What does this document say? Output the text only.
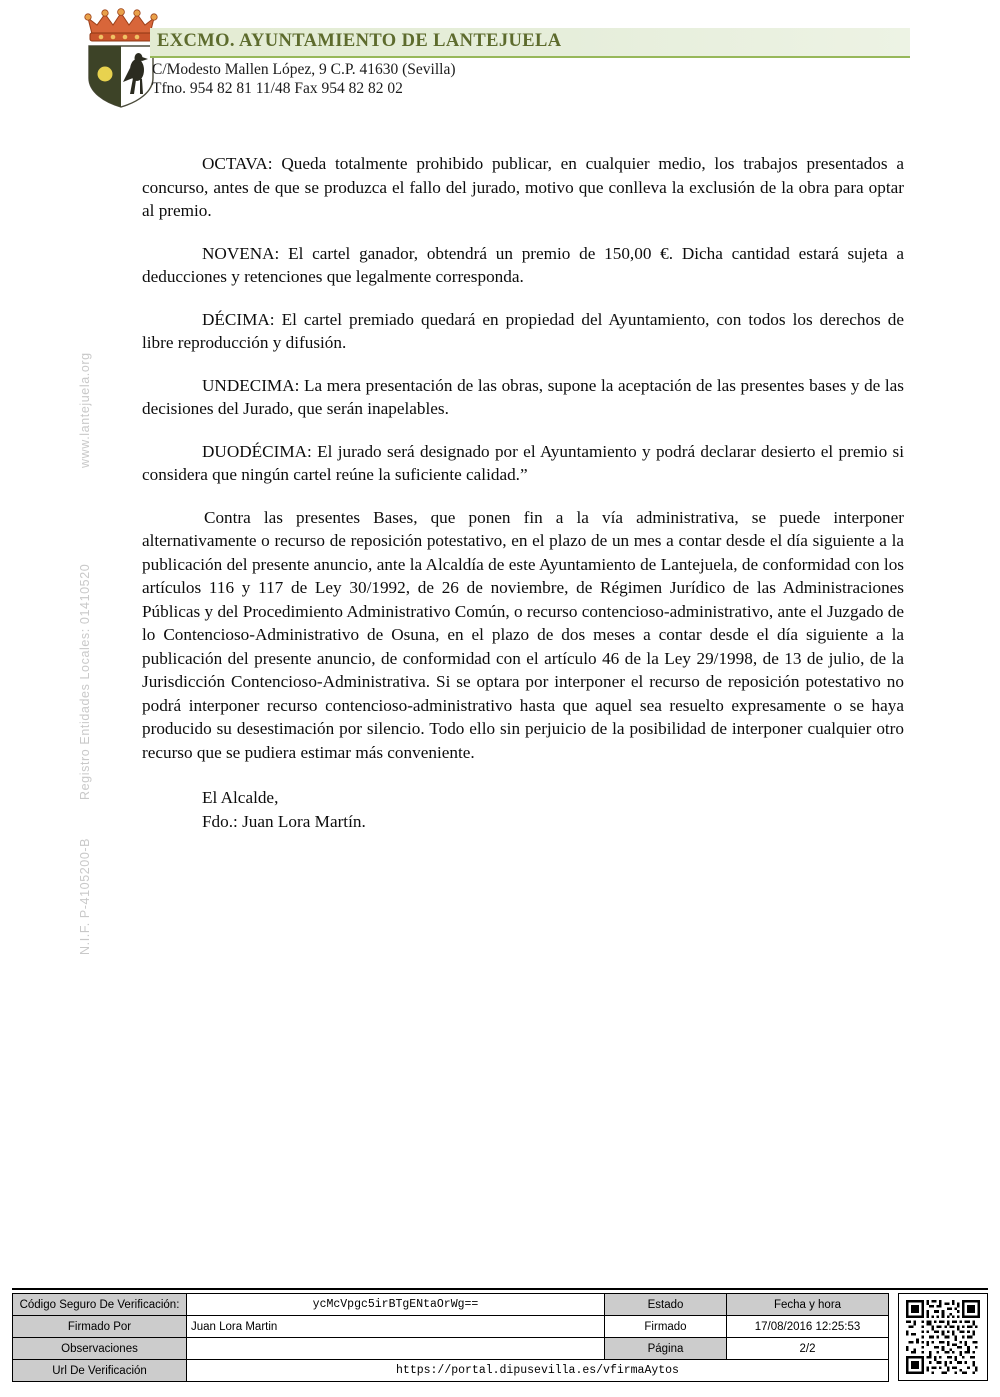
EXCMO. AYUNTAMIENTO DE LANTEJUELA
C/Modesto Mallen López, 9 C.P. 41630 (Sevilla)
Tfno. 954 82 81 11/48 Fax 954 82 82 02
www.lantejuela.org
Registro Entidades Locales: 01410520
N.I.F. P-4105200-B

OCTAVA: Queda totalmente prohibido publicar, en cualquier medio, los trabajos presentados a concurso, antes de que se produzca el fallo del jurado, motivo que conlleva la exclusión de la obra para optar al premio.

NOVENA: El cartel ganador, obtendrá un premio de 150,00 €. Dicha cantidad estará sujeta a deducciones y retenciones que legalmente corresponda.

DÉCIMA: El cartel premiado quedará en propiedad del Ayuntamiento, con todos los derechos de libre reproducción y difusión.

UNDECIMA: La mera presentación de las obras, supone la aceptación de las presentes bases y de las decisiones del Jurado, que serán inapelables.

DUODÉCIMA: El jurado será designado por el Ayuntamiento y podrá declarar desierto el premio si considera que ningún cartel reúne la suficiente calidad.”

Contra las presentes Bases, que ponen fin a la vía administrativa, se puede interponer alternativamente o recurso de reposición potestativo, en el plazo de un mes a contar desde el día siguiente a la publicación del presente anuncio, ante la Alcaldía de este Ayuntamiento de Lantejuela, de conformidad con los artículos 116 y 117 de Ley 30/1992, de 26 de noviembre, de Régimen Jurídico de las Administraciones Públicas y del Procedimiento Administrativo Común, o recurso contencioso-administrativo, ante el Juzgado de lo Contencioso-Administrativo de Osuna, en el plazo de dos meses a contar desde el día siguiente a la publicación del presente anuncio, de conformidad con el artículo 46 de la Ley 29/1998, de 13 de julio, de la Jurisdicción Contencioso-Administrativa. Si se optara por interponer el recurso de reposición potestativo no podrá interponer recurso contencioso-administrativo hasta que aquel sea resuelto expresamente o se haya producido su desestimación por silencio. Todo ello sin perjuicio de la posibilidad de interponer cualquier otro recurso que se pudiera estimar más conveniente.

El Alcalde,
Fdo.: Juan Lora Martín.
Código Seguro De Verificación:	ycMcVpgc5irBTgENtaOrWg==	Estado	Fecha y hora
Firmado Por	Juan Lora Martin	Firmado	17/08/2016 12:25:53
Observaciones		Página	2/2
Url De Verificación	https://portal.dipusevilla.es/vfirmaAytos		
